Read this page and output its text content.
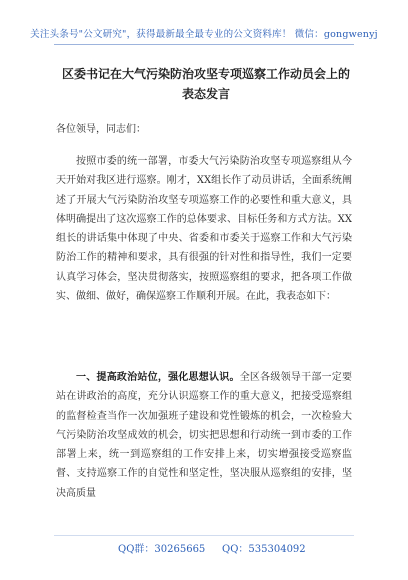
关注头条号"公文研究"，获得最新最全最专业的公文资料库！ 微信：gongwenyj
区委书记在大气污染防治攻坚专项巡察工作动员会上的表态发言
各位领导，同志们：

按照市委的统一部署，市委大气污染防治攻坚专项巡察组从今天开始对我区进行巡察。刚才，XX组长作了动员讲话，全面系统阐述了开展大气污染防治攻坚专项巡察工作的必要性和重大意义，具体明确提出了这次巡察工作的总体要求、目标任务和方式方法。XX组长的讲话集中体现了中央、省委和市委关于巡察工作和大气污染防治工作的精神和要求，具有很强的针对性和指导性，我们一定要认真学习体会，坚决贯彻落实，按照巡察组的要求，把各项工作做实、做细、做好，确保巡察工作顺利开展。在此，我表态如下：

一、提高政治站位，强化思想认识。全区各级领导干部一定要站在讲政治的高度，充分认识巡察工作的重大意义，把接受巡察组的监督检查当作一次加强班子建设和党性锻炼的机会，一次检验大气污染防治攻坚成效的机会，切实把思想和行动统一到市委的工作部署上来，统一到巡察组的工作安排上来，切实增强接受巡察监督、支持巡察工作的自觉性和坚定性，坚决服从巡察组的安排，坚决高质量

QQ群：30265665 QQ：535304092
